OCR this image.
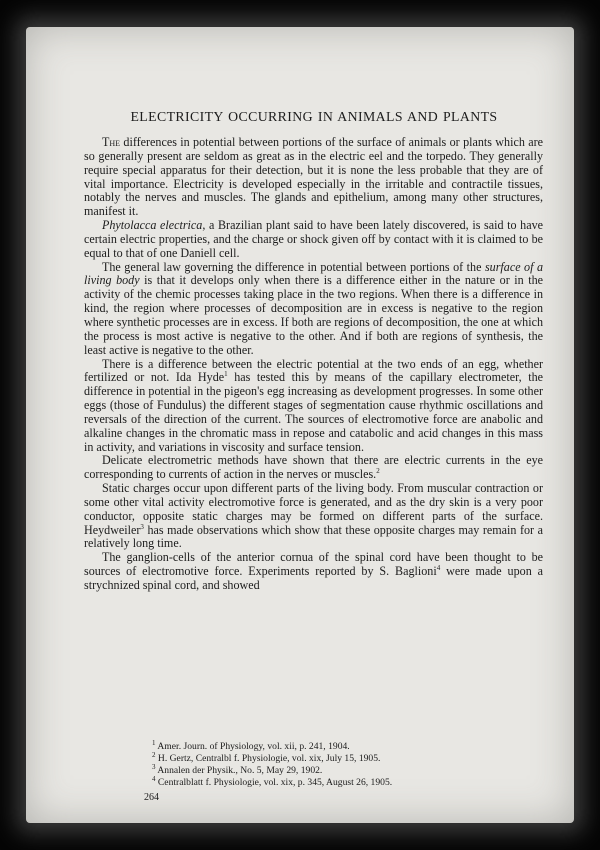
ELECTRICITY OCCURRING IN ANIMALS AND PLANTS

The differences in potential between portions of the surface of animals or plants which are so generally present are seldom as great as in the electric eel and the torpedo. They generally require special apparatus for their detection, but it is none the less probable that they are of vital importance. Electricity is developed especially in the irritable and contractile tissues, notably the nerves and muscles. The glands and epithelium, among many other structures, manifest it.

Phytolacca electrica, a Brazilian plant said to have been lately discovered, is said to have certain electric properties, and the charge or shock given off by contact with it is claimed to be equal to that of one Daniell cell.

The general law governing the difference in potential between portions of the surface of a living body is that it develops only when there is a difference either in the nature or in the activity of the chemic processes taking place in the two regions. When there is a difference in kind, the region where processes of decomposition are in excess is negative to the region where synthetic processes are in excess. If both are regions of decomposition, the one at which the process is most active is negative to the other. And if both are regions of synthesis, the least active is negative to the other.

There is a difference between the electric potential at the two ends of an egg, whether fertilized or not. Ida Hyde$^1$ has tested this by means of the capillary electrometer, the difference in potential in the pigeon's egg increasing as development progresses. In some other eggs (those of Fundulus) the different stages of segmentation cause rhythmic oscillations and reversals of the direction of the current. The sources of electromotive force are anabolic and alkaline changes in the chromatic mass in repose and catabolic and acid changes in this mass in activity, and variations in viscosity and surface tension.

Delicate electrometric methods have shown that there are electric currents in the eye corresponding to currents of action in the nerves or muscles.$^2$

Static charges occur upon different parts of the living body. From muscular contraction or some other vital activity electromotive force is generated, and as the dry skin is a very poor conductor, opposite static charges may be formed on different parts of the surface. Heydweiler$^3$ has made observations which show that these opposite charges may remain for a relatively long time.

The ganglion-cells of the anterior cornua of the spinal cord have been thought to be sources of electromotive force. Experiments reported by S. Baglioni$^4$ were made upon a strychnized spinal cord, and showed

$^1$ Amer. Journ. of Physiology, vol. xii, p. 241, 1904.
$^2$ H. Gertz, Centralbl f. Physiologie, vol. xix, July 15, 1905.
$^3$ Annalen der Physik., No. 5, May 29, 1902.
$^4$ Centralblatt f. Physiologie, vol. xix, p. 345, August 26, 1905.
264
